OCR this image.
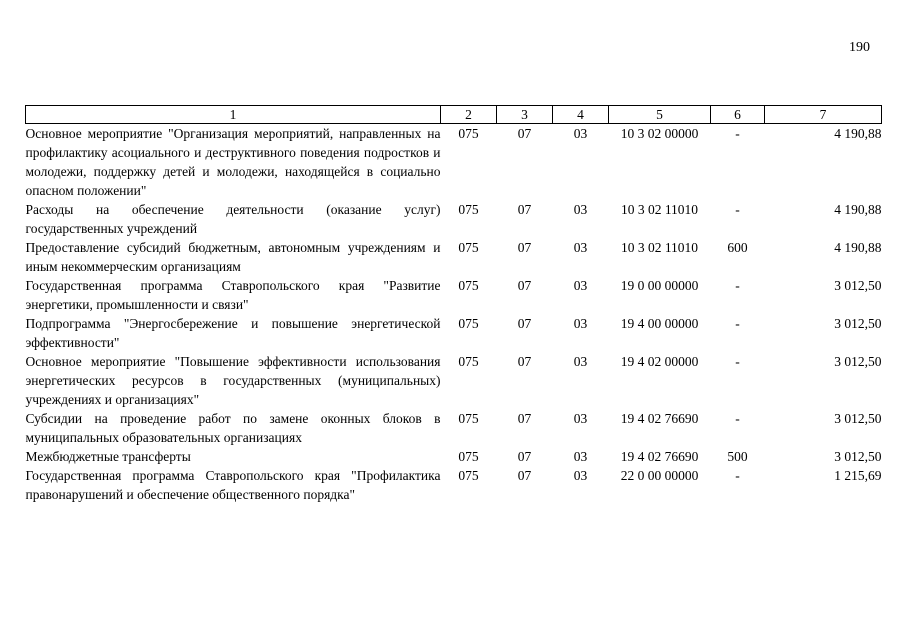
190
1	2	3	4	5	6	7
Основное мероприятие "Организация мероприятий, направленных на профилактику асоциального и деструктивного поведения подростков и молодежи, поддержку детей и молодежи, находящейся в социально опасном положении"	075	07	03	10 3 02 00000	-	4 190,88
Расходы на обеспечение деятельности (оказание услуг) государственных учреждений	075	07	03	10 3 02 11010	-	4 190,88
Предоставление субсидий бюджетным, автономным учреждениям и иным некоммерческим организациям	075	07	03	10 3 02 11010	600	4 190,88
Государственная программа Ставропольского края "Развитие энергетики, промышленности и связи"	075	07	03	19 0 00 00000	-	3 012,50
Подпрограмма "Энергосбережение и повышение энергетической эффективности"	075	07	03	19 4 00 00000	-	3 012,50
Основное мероприятие "Повышение эффективности использования энергетических ресурсов в государственных (муниципальных) учреждениях и организациях"	075	07	03	19 4 02 00000	-	3 012,50
Субсидии на проведение работ по замене оконных блоков в муниципальных образовательных организациях	075	07	03	19 4 02 76690	-	3 012,50
Межбюджетные трансферты	075	07	03	19 4 02 76690	500	3 012,50
Государственная программа Ставропольского края "Профилактика правонарушений и обеспечение общественного порядка"	075	07	03	22 0 00 00000	-	1 215,69
